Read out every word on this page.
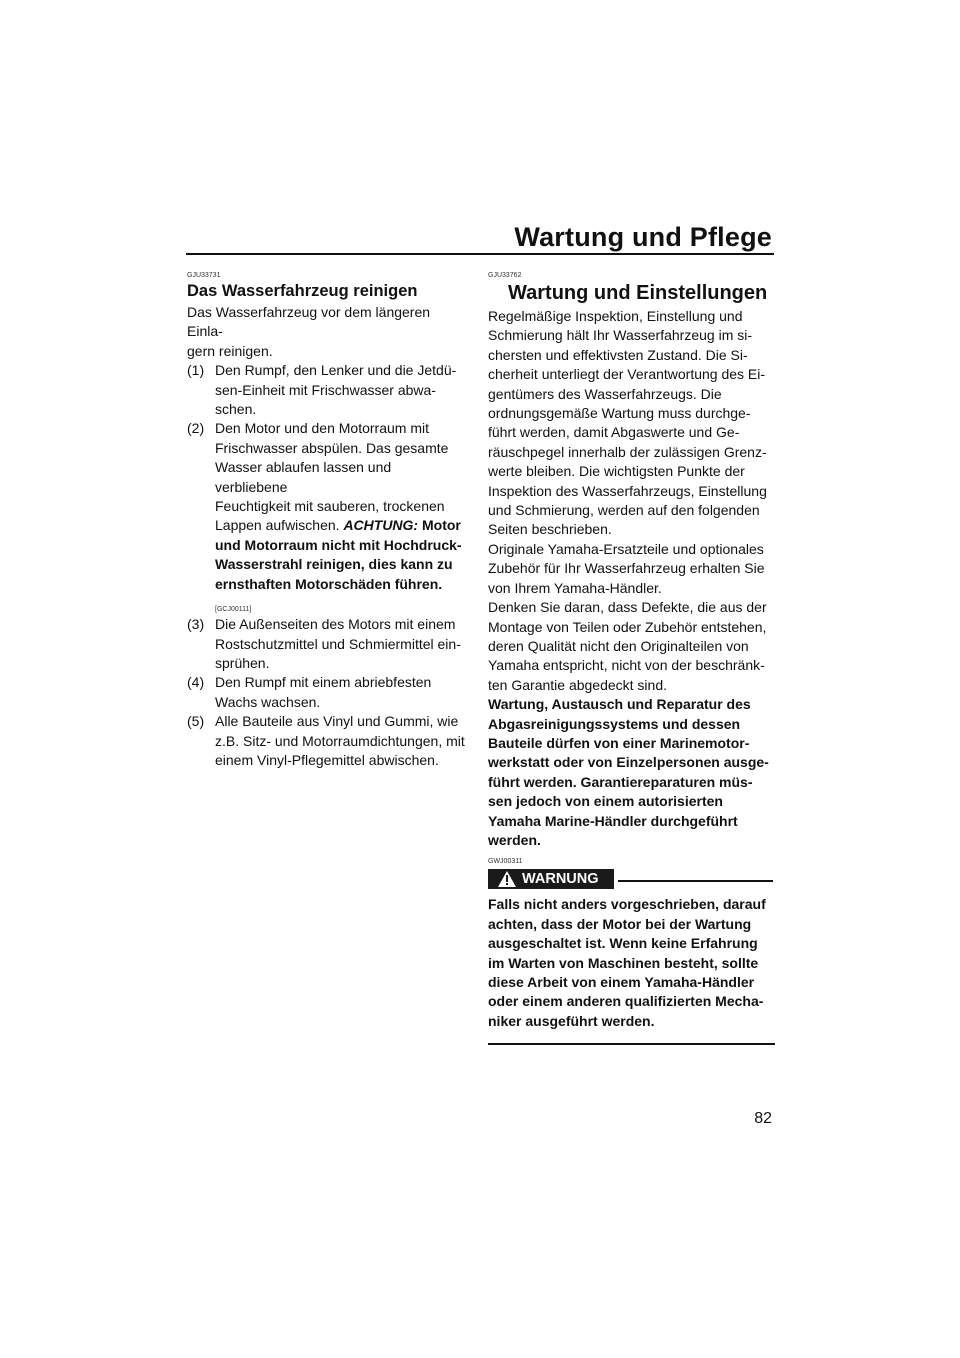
Wartung und Pflege
GJU33731
Das Wasserfahrzeug reinigen

Das Wasserfahrzeug vor dem längeren Einla-

gern reinigen.

(1) Den Rumpf, den Lenker und die Jetdü-
sen-Einheit mit Frischwasser abwa-
schen.
(2) Den Motor und den Motorraum mit
Frischwasser abspülen. Das gesamte
Wasser ablaufen lassen und verbliebene
Feuchtigkeit mit sauberen, trockenen
Lappen aufwischen. ACHTUNG: Motor
und Motorraum nicht mit Hochdruck-
Wasserstrahl reinigen, dies kann zu
ernsthaften Motorschäden führen.
[GCJ00111]
(3) Die Außenseiten des Motors mit einem
Rostschutzmittel und Schmiermittel ein-
sprühen.
(4) Den Rumpf mit einem abriebfesten
Wachs wachsen.
(5) Alle Bauteile aus Vinyl und Gummi, wie
z.B. Sitz- und Motorraumdichtungen, mit
einem Vinyl-Pflegemittel abwischen.
GJU33762
Wartung und Einstellungen

Regelmäßige Inspektion, Einstellung und

Schmierung hält Ihr Wasserfahrzeug im si-

chersten und effektivsten Zustand. Die Si-

cherheit unterliegt der Verantwortung des Ei-

gentümers des Wasserfahrzeugs. Die

ordnungsgemäße Wartung muss durchge-

führt werden, damit Abgaswerte und Ge-

räuschpegel innerhalb der zulässigen Grenz-

werte bleiben. Die wichtigsten Punkte der

Inspektion des Wasserfahrzeugs, Einstellung

und Schmierung, werden auf den folgenden

Seiten beschrieben.

Originale Yamaha-Ersatzteile und optionales

Zubehör für Ihr Wasserfahrzeug erhalten Sie

von Ihrem Yamaha-Händler.

Denken Sie daran, dass Defekte, die aus der

Montage von Teilen oder Zubehör entstehen,

deren Qualität nicht den Originalteilen von

Yamaha entspricht, nicht von der beschränk-

ten Garantie abgedeckt sind.

Wartung, Austausch und Reparatur des

Abgasreinigungssystems und dessen

Bauteile dürfen von einer Marinemotor-

werkstatt oder von Einzelpersonen ausge-

führt werden. Garantiereparaturen müs-

sen jedoch von einem autorisierten

Yamaha Marine-Händler durchgeführt

werden.

GWJ00311
WARNUNG

Falls nicht anders vorgeschrieben, darauf

achten, dass der Motor bei der Wartung

ausgeschaltet ist. Wenn keine Erfahrung

im Warten von Maschinen besteht, sollte

diese Arbeit von einem Yamaha-Händler

oder einem anderen qualifizierten Mecha-

niker ausgeführt werden.

82
